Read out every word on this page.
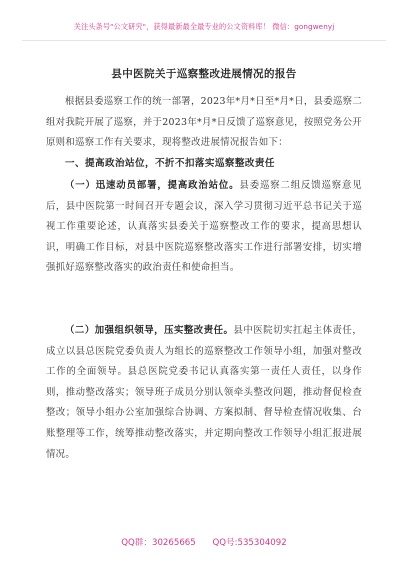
关注头条号"公文研究"，获得最新最全最专业的公文资料库！ 微信：gongwenyj
县中医院关于巡察整改进展情况的报告
根据县委巡察工作的统一部署，2023年*月*日至*月*日，县委巡察二组对我院开展了巡察，并于2023年*月*日反馈了巡察意见，按照党务公开原则和巡察工作有关要求，现将整改进展情况报告如下：
一、提高政治站位，不折不扣落实巡察整改责任
（一）迅速动员部署，提高政治站位。县委巡察二组反馈巡察意见后，县中医院第一时间召开专题会议，深入学习贯彻习近平总书记关于巡视工作重要论述，认真落实县委关于巡察整改工作的要求，提高思想认识，明确工作目标，对县中医院巡察整改落实工作进行部署安排，切实增强抓好巡察整改落实的政治责任和使命担当。
（二）加强组织领导，压实整改责任。县中医院切实扛起主体责任，成立以县总医院党委负责人为组长的巡察整改工作领导小组，加强对整改工作的全面领导。县总医院党委书记认真落实第一责任人责任，以身作则，推动整改落实；领导班子成员分别认领牵头整改问题，推动督促检查整改；领导小组办公室加强综合协调、方案拟制、督导检查情况收集、台账整理等工作，统筹推动整改落实，并定期向整改工作领导小组汇报进展情况。
QQ群：30265665 QQ号:535304092
